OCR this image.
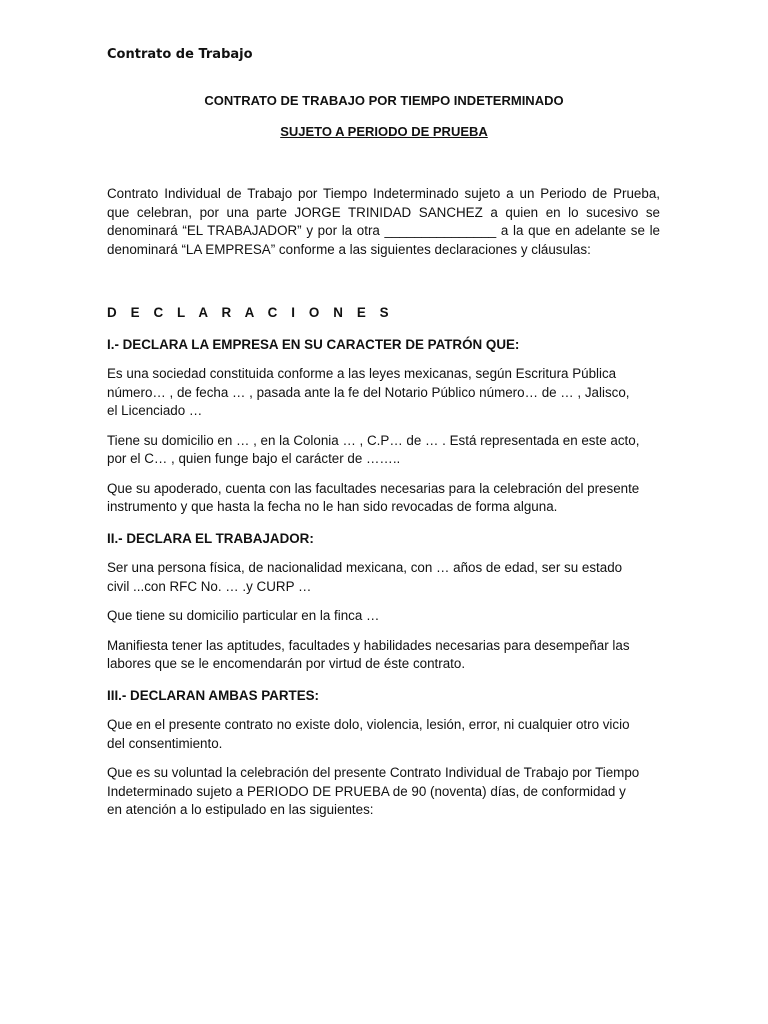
Contrato de Trabajo
CONTRATO DE TRABAJO POR TIEMPO INDETERMINADO
SUJETO A PERIODO DE PRUEBA

Contrato Individual de Trabajo por Tiempo Indeterminado sujeto a un Periodo de Prueba,
que celebran, por una parte JORGE TRINIDAD SANCHEZ a quien en lo sucesivo se
denominará “EL TRABAJADOR” y por la otra _______________ a la que en adelante se le
denominará “LA EMPRESA” conforme a las siguientes declaraciones y cláusulas:

D E C L A R A C I O N E S

I.- DECLARA LA EMPRESA EN SU CARACTER DE PATRÓN QUE:

Es una sociedad constituida conforme a las leyes mexicanas, según Escritura Pública
número… , de fecha … , pasada ante la fe del Notario Público número… de … , Jalisco,
el Licenciado …

Tiene su domicilio en … , en la Colonia … , C.P… de … . Está representada en este acto,
por el C… , quien funge bajo el carácter de ……..

Que su apoderado, cuenta con las facultades necesarias para la celebración del presente
instrumento y que hasta la fecha no le han sido revocadas de forma alguna.

II.- DECLARA EL TRABAJADOR:

Ser una persona física, de nacionalidad mexicana, con … años de edad, ser su estado
civil ...con RFC No. … .y CURP …

Que tiene su domicilio particular en la finca …

Manifiesta tener las aptitudes, facultades y habilidades necesarias para desempeñar las
labores que se le encomendarán por virtud de éste contrato.

III.- DECLARAN AMBAS PARTES:

Que en el presente contrato no existe dolo, violencia, lesión, error, ni cualquier otro vicio
del consentimiento.

Que es su voluntad la celebración del presente Contrato Individual de Trabajo por Tiempo
Indeterminado sujeto a PERIODO DE PRUEBA de 90 (noventa) días, de conformidad y
en atención a lo estipulado en las siguientes:
